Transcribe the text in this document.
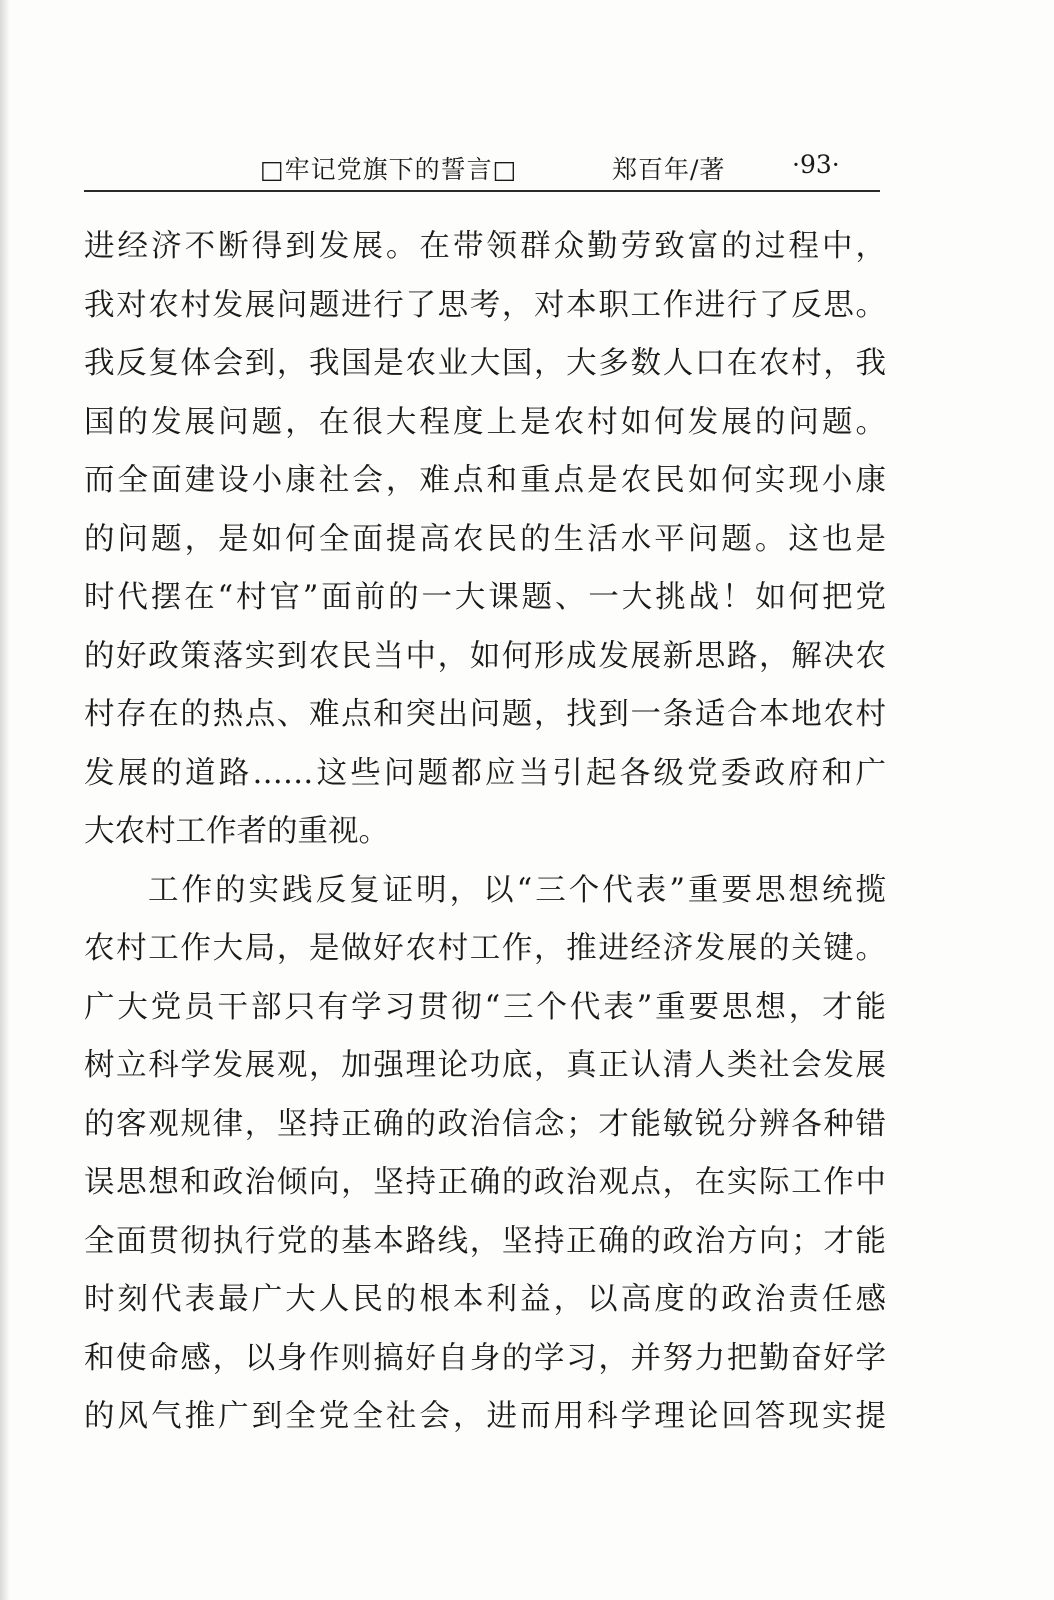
□牢记党旗下的誓言□	郑百年/著	·93·
进经济不断得到发展。在带领群众勤劳致富的过程中，
我对农村发展问题进行了思考，对本职工作进行了反思。
我反复体会到，我国是农业大国，大多数人口在农村，我
国的发展问题，在很大程度上是农村如何发展的问题。
而全面建设小康社会，难点和重点是农民如何实现小康
的问题，是如何全面提高农民的生活水平问题。这也是
时代摆在“村官”面前的一大课题、一大挑战！如何把党
的好政策落实到农民当中，如何形成发展新思路，解决农
村存在的热点、难点和突出问题，找到一条适合本地农村
发展的道路……这些问题都应当引起各级党委政府和广
大农村工作者的重视。
工作的实践反复证明，以“三个代表”重要思想统揽
农村工作大局，是做好农村工作，推进经济发展的关键。
广大党员干部只有学习贯彻“三个代表”重要思想，才能
树立科学发展观，加强理论功底，真正认清人类社会发展
的客观规律，坚持正确的政治信念；才能敏锐分辨各种错
误思想和政治倾向，坚持正确的政治观点，在实际工作中
全面贯彻执行党的基本路线，坚持正确的政治方向；才能
时刻代表最广大人民的根本利益，以高度的政治责任感
和使命感，以身作则搞好自身的学习，并努力把勤奋好学
的风气推广到全党全社会，进而用科学理论回答现实提
